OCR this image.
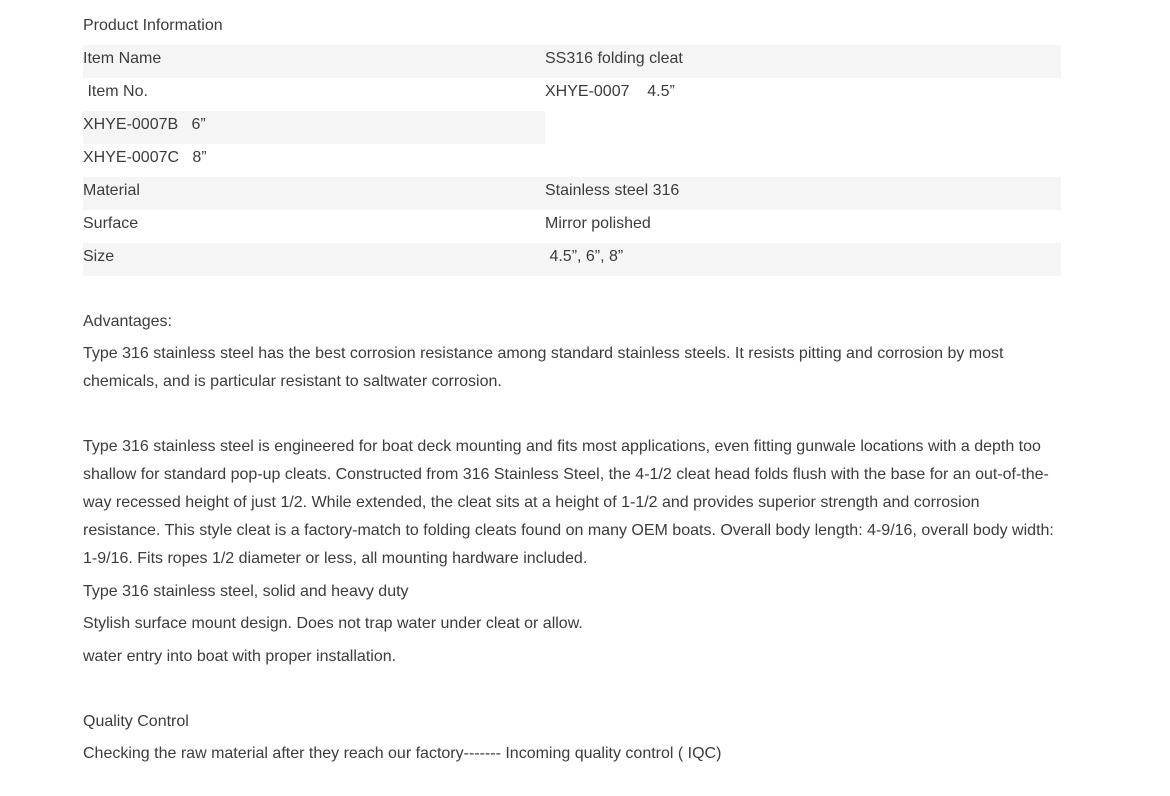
Product Information
Item Name	SS316 folding cleat
Item No.	XHYE-0007    4.5”
XHYE-0007B   6”
XHYE-0007C   8”
Material	Stainless steel 316
Surface	Mirror polished
Size	4.5”, 6”, 8”
Advantages:

Type 316 stainless steel has the best corrosion resistance among standard stainless steels. It resists pitting and corrosion by most chemicals, and is particular resistant to saltwater corrosion.

Type 316 stainless steel is engineered for boat deck mounting and fits most applications, even fitting gunwale locations with a depth too shallow for standard pop-up cleats. Constructed from 316 Stainless Steel, the 4-1/2 cleat head folds flush with the base for an out-of-the-way recessed height of just 1/2. While extended, the cleat sits at a height of 1-1/2 and provides superior strength and corrosion resistance. This style cleat is a factory-match to folding cleats found on many OEM boats. Overall body length: 4-9/16, overall body width: 1-9/16. Fits ropes 1/2 diameter or less, all mounting hardware included.

Type 316 stainless steel, solid and heavy duty
Stylish surface mount design. Does not trap water under cleat or allow.
water entry into boat with proper installation.
Quality Control
Checking the raw material after they reach our factory------- Incoming quality control ( IQC)
